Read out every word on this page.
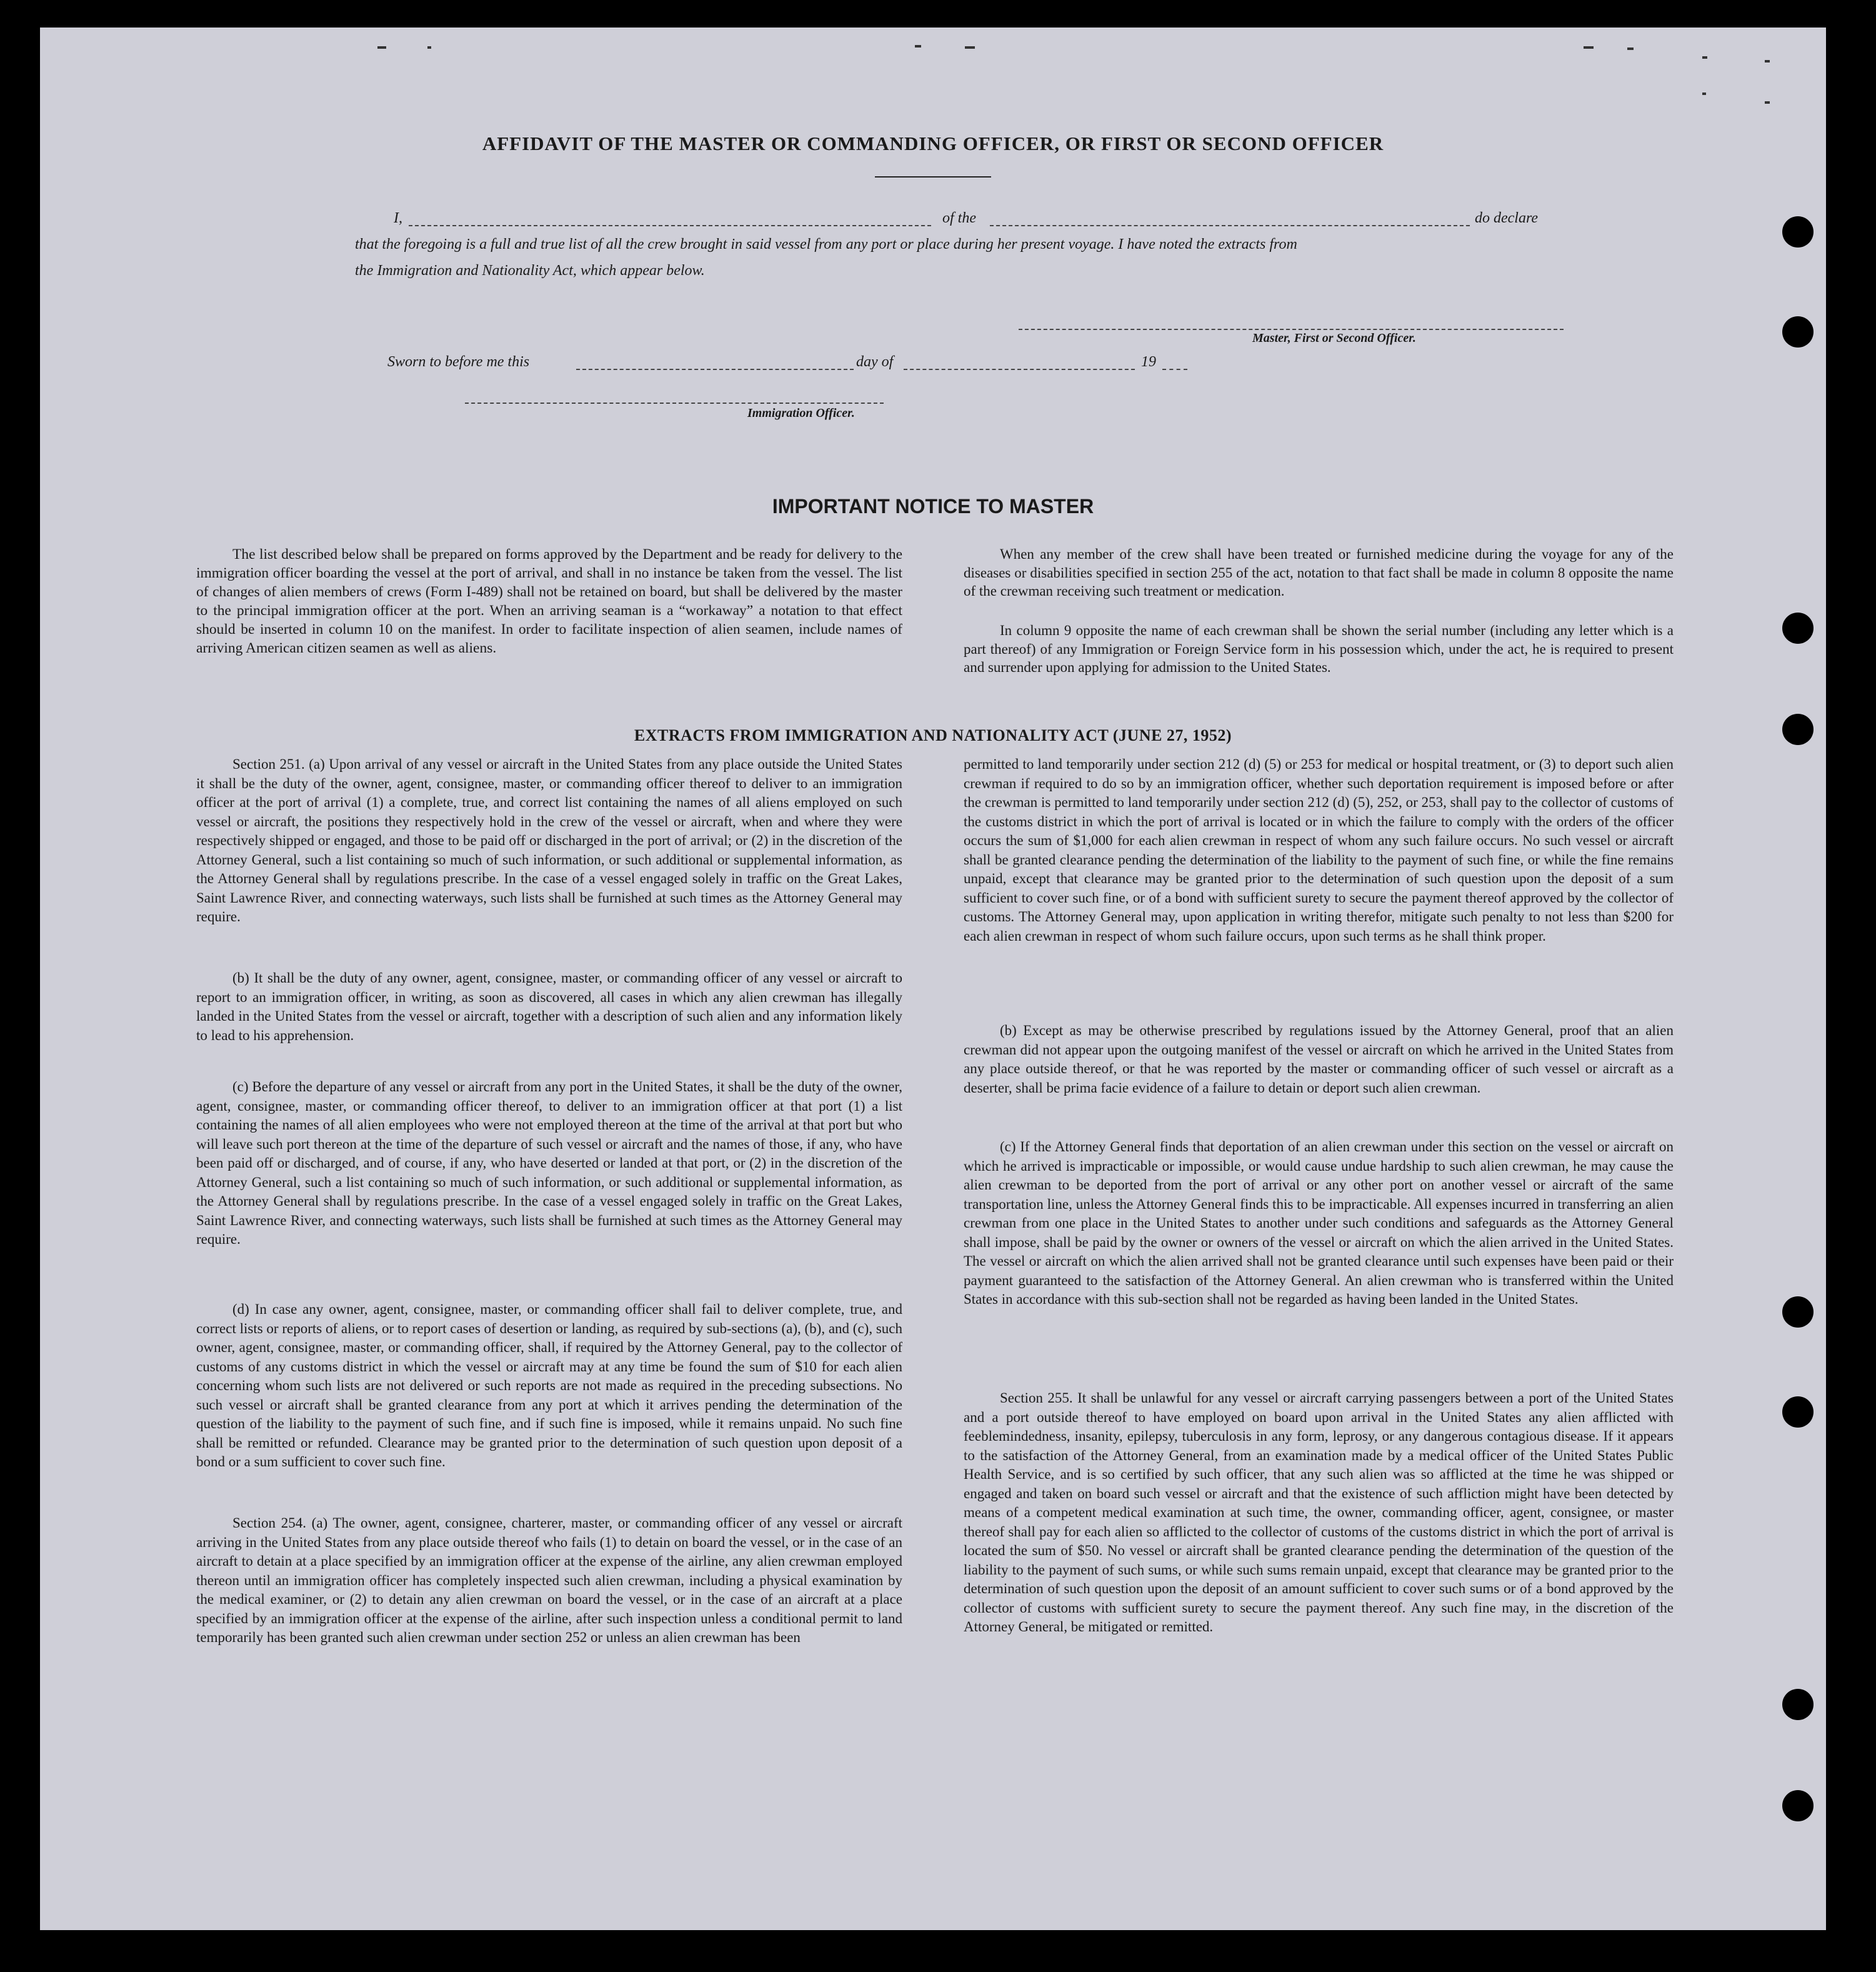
AFFIDAVIT OF THE MASTER OR COMMANDING OFFICER, OR FIRST OR SECOND OFFICER
I,	of the	do declare
that the foregoing is a full and true list of all the crew brought in said vessel from any port or place during her present voyage. I have noted the extracts from
the Immigration and Nationality Act, which appear below.
Master, First or Second Officer.
Sworn to before me this	day of	19
Immigration Officer.
IMPORTANT NOTICE TO MASTER
The list described below shall be prepared on forms approved by the Department and be ready for delivery to the immigration officer boarding the vessel at the port of arrival, and shall in no instance be taken from the vessel. The list of changes of alien members of crews (Form I-489) shall not be retained on board, but shall be delivered by the master to the principal immigration officer at the port. When an arriving seaman is a “workaway” a notation to that effect should be inserted in column 10 on the manifest. In order to facilitate inspection of alien seamen, include names of arriving American citizen seamen as well as aliens.
When any member of the crew shall have been treated or furnished medicine during the voyage for any of the diseases or disabilities specified in section 255 of the act, notation to that fact shall be made in column 8 opposite the name of the crewman receiving such treatment or medication.
In column 9 opposite the name of each crewman shall be shown the serial number (including any letter which is a part thereof) of any Immigration or Foreign Service form in his possession which, under the act, he is required to present and surrender upon applying for admission to the United States.
EXTRACTS FROM IMMIGRATION AND NATIONALITY ACT (JUNE 27, 1952)
Section 251. (a) Upon arrival of any vessel or aircraft in the United States from any place outside the United States it shall be the duty of the owner, agent, consignee, master, or commanding officer thereof to deliver to an immigration officer at the port of arrival (1) a complete, true, and correct list containing the names of all aliens employed on such vessel or aircraft, the positions they respectively hold in the crew of the vessel or aircraft, when and where they were respectively shipped or engaged, and those to be paid off or discharged in the port of arrival; or (2) in the discretion of the Attorney General, such a list containing so much of such information, or such additional or supplemental information, as the Attorney General shall by regulations prescribe. In the case of a vessel engaged solely in traffic on the Great Lakes, Saint Lawrence River, and connecting waterways, such lists shall be furnished at such times as the Attorney General may require.
(b) It shall be the duty of any owner, agent, consignee, master, or commanding officer of any vessel or aircraft to report to an immigration officer, in writing, as soon as discovered, all cases in which any alien crewman has illegally landed in the United States from the vessel or aircraft, together with a description of such alien and any information likely to lead to his apprehension.
(c) Before the departure of any vessel or aircraft from any port in the United States, it shall be the duty of the owner, agent, consignee, master, or commanding officer thereof, to deliver to an immigration officer at that port (1) a list containing the names of all alien employees who were not employed thereon at the time of the arrival at that port but who will leave such port thereon at the time of the departure of such vessel or aircraft and the names of those, if any, who have been paid off or discharged, and of course, if any, who have deserted or landed at that port, or (2) in the discretion of the Attorney General, such a list containing so much of such information, or such additional or supplemental information, as the Attorney General shall by regulations prescribe. In the case of a vessel engaged solely in traffic on the Great Lakes, Saint Lawrence River, and connecting waterways, such lists shall be furnished at such times as the Attorney General may require.
(d) In case any owner, agent, consignee, master, or commanding officer shall fail to deliver complete, true, and correct lists or reports of aliens, or to report cases of desertion or landing, as required by sub-sections (a), (b), and (c), such owner, agent, consignee, master, or commanding officer, shall, if required by the Attorney General, pay to the collector of customs of any customs district in which the vessel or aircraft may at any time be found the sum of $10 for each alien concerning whom such lists are not delivered or such reports are not made as required in the preceding subsections. No such vessel or aircraft shall be granted clearance from any port at which it arrives pending the determination of the question of the liability to the payment of such fine, and if such fine is imposed, while it remains unpaid. No such fine shall be remitted or refunded. Clearance may be granted prior to the determination of such question upon deposit of a bond or a sum sufficient to cover such fine.
Section 254. (a) The owner, agent, consignee, charterer, master, or commanding officer of any vessel or aircraft arriving in the United States from any place outside thereof who fails (1) to detain on board the vessel, or in the case of an aircraft to detain at a place specified by an immigration officer at the expense of the airline, any alien crewman employed thereon until an immigration officer has completely inspected such alien crewman, including a physical examination by the medical examiner, or (2) to detain any alien crewman on board the vessel, or in the case of an aircraft at a place specified by an immigration officer at the expense of the airline, after such inspection unless a conditional permit to land temporarily has been granted such alien crewman under section 252 or unless an alien crewman has been
permitted to land temporarily under section 212 (d) (5) or 253 for medical or hospital treatment, or (3) to deport such alien crewman if required to do so by an immigration officer, whether such deportation requirement is imposed before or after the crewman is permitted to land temporarily under section 212 (d) (5), 252, or 253, shall pay to the collector of customs of the customs district in which the port of arrival is located or in which the failure to comply with the orders of the officer occurs the sum of $1,000 for each alien crewman in respect of whom any such failure occurs. No such vessel or aircraft shall be granted clearance pending the determination of the liability to the payment of such fine, or while the fine remains unpaid, except that clearance may be granted prior to the determination of such question upon the deposit of a sum sufficient to cover such fine, or of a bond with sufficient surety to secure the payment thereof approved by the collector of customs. The Attorney General may, upon application in writing therefor, mitigate such penalty to not less than $200 for each alien crewman in respect of whom such failure occurs, upon such terms as he shall think proper.
(b) Except as may be otherwise prescribed by regulations issued by the Attorney General, proof that an alien crewman did not appear upon the outgoing manifest of the vessel or aircraft on which he arrived in the United States from any place outside thereof, or that he was reported by the master or commanding officer of such vessel or aircraft as a deserter, shall be prima facie evidence of a failure to detain or deport such alien crewman.
(c) If the Attorney General finds that deportation of an alien crewman under this section on the vessel or aircraft on which he arrived is impracticable or impossible, or would cause undue hardship to such alien crewman, he may cause the alien crewman to be deported from the port of arrival or any other port on another vessel or aircraft of the same transportation line, unless the Attorney General finds this to be impracticable. All expenses incurred in transferring an alien crewman from one place in the United States to another under such conditions and safeguards as the Attorney General shall impose, shall be paid by the owner or owners of the vessel or aircraft on which the alien arrived in the United States. The vessel or aircraft on which the alien arrived shall not be granted clearance until such expenses have been paid or their payment guaranteed to the satisfaction of the Attorney General. An alien crewman who is transferred within the United States in accordance with this sub-section shall not be regarded as having been landed in the United States.
Section 255. It shall be unlawful for any vessel or aircraft carrying passengers between a port of the United States and a port outside thereof to have employed on board upon arrival in the United States any alien afflicted with feeblemindedness, insanity, epilepsy, tuberculosis in any form, leprosy, or any dangerous contagious disease. If it appears to the satisfaction of the Attorney General, from an examination made by a medical officer of the United States Public Health Service, and is so certified by such officer, that any such alien was so afflicted at the time he was shipped or engaged and taken on board such vessel or aircraft and that the existence of such affliction might have been detected by means of a competent medical examination at such time, the owner, commanding officer, agent, consignee, or master thereof shall pay for each alien so afflicted to the collector of customs of the customs district in which the port of arrival is located the sum of $50. No vessel or aircraft shall be granted clearance pending the determination of the question of the liability to the payment of such sums, or while such sums remain unpaid, except that clearance may be granted prior to the determination of such question upon the deposit of an amount sufficient to cover such sums or of a bond approved by the collector of customs with sufficient surety to secure the payment thereof. Any such fine may, in the discretion of the Attorney General, be mitigated or remitted.
